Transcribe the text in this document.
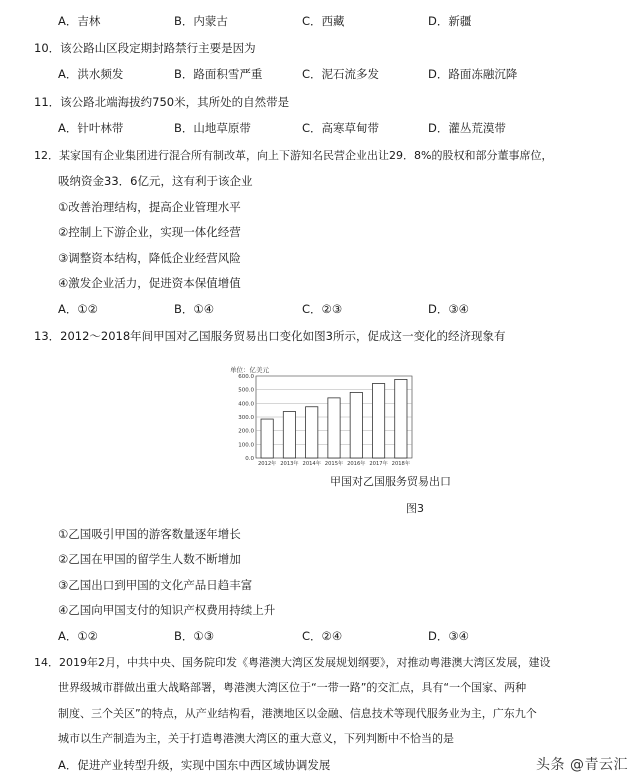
A．吉林	B．内蒙古	C．西藏	D．新疆
10．该公路山区段定期封路禁行主要是因为
A．洪水频发	B．路面积雪严重	C．泥石流多发	D．路面冻融沉降
11．该公路北端海拔约750米，其所处的自然带是
A．针叶林带	B．山地草原带	C．高寒草甸带	D．灌丛荒漠带
12．某家国有企业集团进行混合所有制改革，向上下游知名民营企业出让29．8%的股权和部分董事席位，
吸纳资金33．6亿元，这有利于该企业
①改善治理结构，提高企业管理水平
②控制上下游企业，实现一体化经营
③调整资本结构，降低企业经营风险
④激发企业活力，促进资本保值增值
A．①②	B．①④	C．②③	D．③④
13．2012～2018年间甲国对乙国服务贸易出口变化如图3所示，促成这一变化的经济现象有
单位：亿美元
0.0
100.0
200.0
300.0
400.0
500.0
600.0
2012年 2013年 2014年 2015年 2016年 2017年 2018年
甲国对乙国服务贸易出口
图3
①乙国吸引甲国的游客数量逐年增长
②乙国在甲国的留学生人数不断增加
③乙国出口到甲国的文化产品日趋丰富
④乙国向甲国支付的知识产权费用持续上升
A．①②	B．①③	C．②④	D．③④
14．2019年2月，中共中央、国务院印发《粤港澳大湾区发展规划纲要》，对推动粤港澳大湾区发展，建设
世界级城市群做出重大战略部署，粤港澳大湾区位于“一带一路”的交汇点，具有“一个国家、两种
制度、三个关区”的特点，从产业结构看，港澳地区以金融、信息技术等现代服务业为主，广东九个
城市以生产制造为主，关于打造粤港澳大湾区的重大意义，下列判断中不恰当的是
A．促进产业转型升级，实现中国东中西区域协调发展	头条 @青云汇
